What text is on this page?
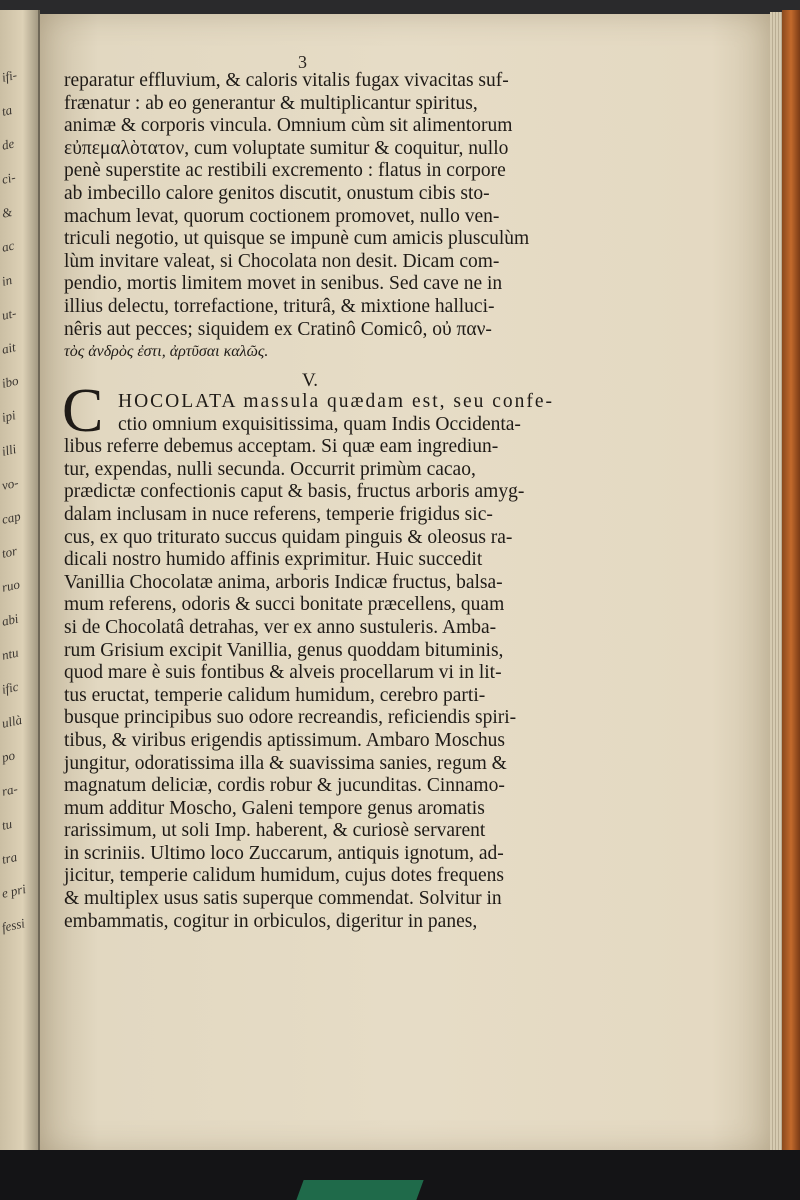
ifi-
ta
de
ci-
&
ac
in
ut-
ait
ibo
ipi
illi
vo-
cap
tor
ruo
abi
ntu
ific
ullà
po
ra-
tu
tra
e pri
fessi
3
reparatur effluvium, & caloris vitalis fugax vivacitas suf-
frænatur : ab eo generantur & multiplicantur spiritus,
animæ & corporis vincula. Omnium cùm sit alimentorum
εὐπεμαλὸτατον, cum voluptate sumitur & coquitur, nullo
penè superstite ac restibili excremento : flatus in corpore
ab imbecillo calore genitos discutit, onustum cibis sto-
machum levat, quorum coctionem promovet, nullo ven-
triculi negotio, ut quisque se impunè cum amicis plusculùm
lùm invitare valeat, si Chocolata non desit. Dicam com-
pendio, mortis limitem movet in senibus. Sed cave ne in
illius delectu, torrefactione, triturâ, & mixtione halluci-
nêris aut pecces; siquidem ex Cratinô Comicô, οὐ παν-
τὸς ἀνδρὸς ἐστι, ἀρτῦσαι καλῶς.
V.
C HOCOLATA massula quædam est, seu confe-
ctio omnium exquisitissima, quam Indis Occidenta-
libus referre debemus acceptam. Si quæ eam ingrediun-
tur, expendas, nulli secunda. Occurrit primùm cacao,
prædictæ confectionis caput & basis, fructus arboris amyg-
dalam inclusam in nuce referens, temperie frigidus sic-
cus, ex quo triturato succus quidam pinguis & oleosus ra-
dicali nostro humido affinis exprimitur. Huic succedit
Vanillia Chocolatæ anima, arboris Indicæ fructus, balsa-
mum referens, odoris & succi bonitate præcellens, quam
si de Chocolatâ detrahas, ver ex anno sustuleris. Amba-
rum Grisium excipit Vanillia, genus quoddam bituminis,
quod mare è suis fontibus & alveis procellarum vi in lit-
tus eructat, temperie calidum humidum, cerebro parti-
busque principibus suo odore recreandis, reficiendis spiri-
tibus, & viribus erigendis aptissimum. Ambaro Moschus
jungitur, odoratissima illa & suavissima sanies, regum &
magnatum deliciæ, cordis robur & jucunditas. Cinnamo-
mum additur Moscho, Galeni tempore genus aromatis
rarissimum, ut soli Imp. haberent, & curiosè servarent
in scriniis. Ultimo loco Zuccarum, antiquis ignotum, ad-
jicitur, temperie calidum humidum, cujus dotes frequens
& multiplex usus satis superque commendat. Solvitur in
embammatis, cogitur in orbiculos, digeritur in panes,
